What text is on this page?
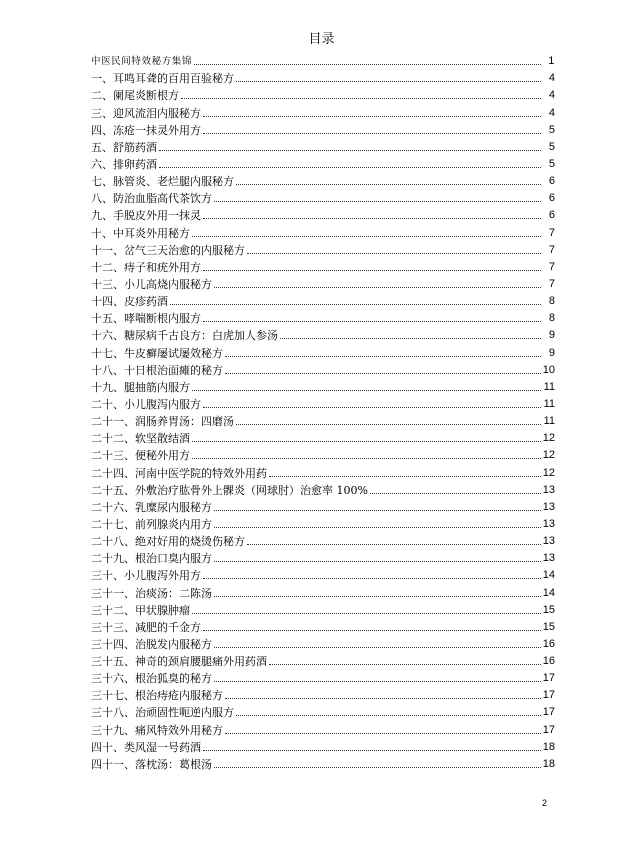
目录
中医民间特效秘方集锦	1
一、耳鸣耳聋的百用百验秘方	4
二、阑尾炎断根方	4
三、迎风流泪内服秘方	4
四、冻疮一抹灵外用方	5
五、舒筋药酒	5
六、排卵药酒	5
七、脉管炎、老烂腿内服秘方	6
八、防治血脂高代茶饮方	6
九、手脱皮外用一抹灵	6
十、中耳炎外用秘方	7
十一、岔气三天治愈的内服秘方	7
十二、痔子和疣外用方	7
十三、小儿高烧内服秘方	7
十四、皮疹药酒	8
十五、哮喘断根内服方	8
十六、糖尿病千古良方：白虎加人参汤	9
十七、牛皮癣屡试屡效秘方	9
十八、十日根治面瘫的秘方	10
十九、腿抽筋内服方	11
二十、小儿腹泻内服方	11
二十一、润肠养胃汤：四磨汤	11
二十二、软坚散结酒	12
二十三、便秘外用方	12
二十四、河南中医学院的特效外用药	12
二十五、外敷治疗肱骨外上髁炎（网球肘）治愈率 100%	13
二十六、乳糜尿内服秘方	13
二十七、前列腺炎内用方	13
二十八、绝对好用的烧烫伤秘方	13
二十九、根治口臭内服方	13
三十、小儿腹泻外用方	14
三十一、治痰汤：二陈汤	14
三十二、甲状腺肿瘤	15
三十三、减肥的千金方	15
三十四、治脱发内服秘方	16
三十五、神奇的颈肩腰腿痛外用药酒	16
三十六、根治狐臭的秘方	17
三十七、根治痔疮内服秘方	17
三十八、治顽固性呃逆内服方	17
三十九、痛风特效外用秘方	17
四十、类风湿一号药酒	18
四十一、落枕汤：葛根汤	18
2
